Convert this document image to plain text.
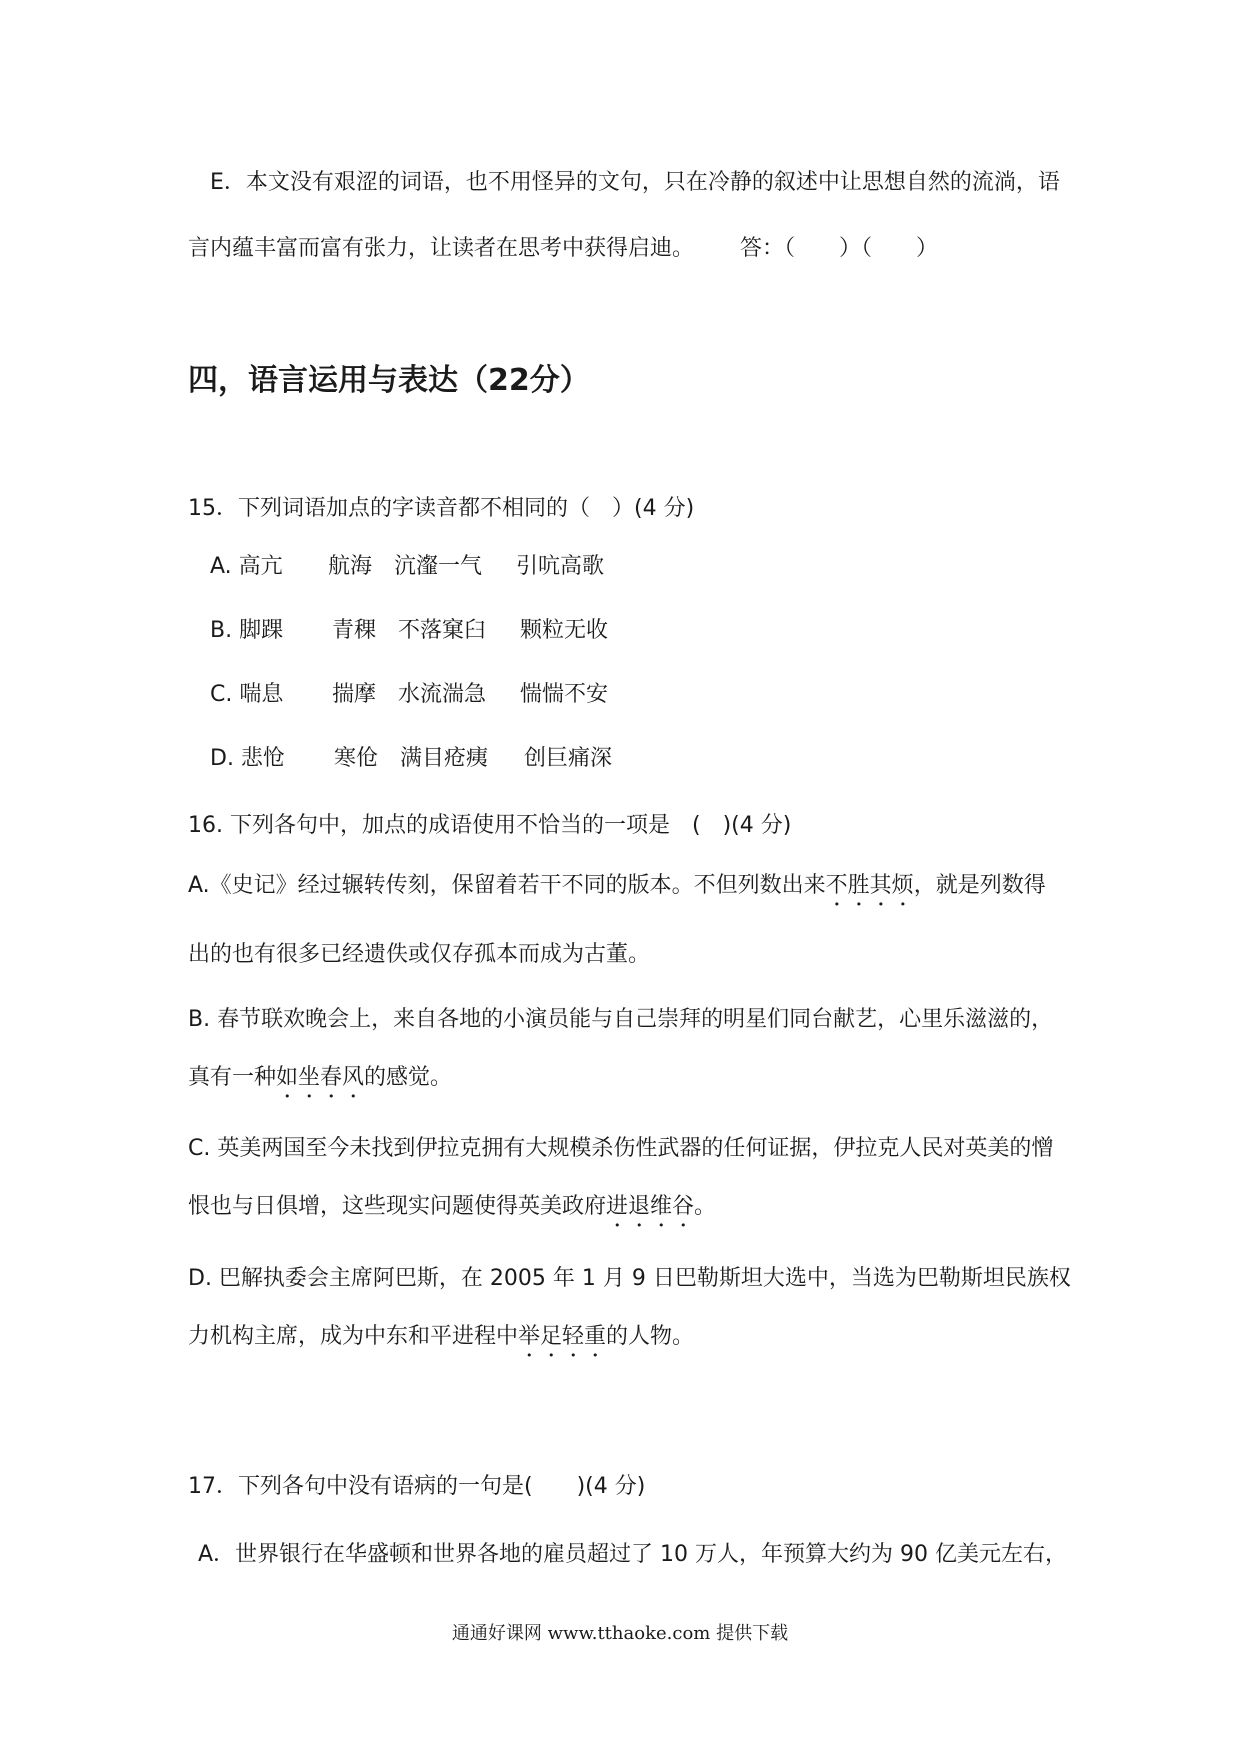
E．本文没有艰涩的词语，也不用怪异的文句，只在冷静的叙述中让思想自然的流淌，语
言内蕴丰富而富有张力，让读者在思考中获得启迪。 答：（　　）（　　）
四，语言运用与表达（22分）
15．下列词语加点的字读音都不相同的（　）(4 分)
A. 高亢 航海 沆瀣一气 引吭高歌
B. 脚踝 青稞 不落窠臼 颗粒无收
C. 喘息 揣摩 水流湍急 惴惴不安
D. 悲怆 寒伧 满目疮痍 创巨痛深
16. 下列各句中，加点的成语使用不恰当的一项是　(　)(4 分)
A.《史记》经过辗转传刻，保留着若干不同的版本。不但列数出来不胜其烦，就是列数得
出的也有很多已经遗佚或仅存孤本而成为古董。
B. 春节联欢晚会上，来自各地的小演员能与自己崇拜的明星们同台献艺，心里乐滋滋的，
真有一种如坐春风的感觉。
C. 英美两国至今未找到伊拉克拥有大规模杀伤性武器的任何证据，伊拉克人民对英美的憎
恨也与日俱增，这些现实问题使得英美政府进退维谷。
D. 巴解执委会主席阿巴斯，在 2005 年 1 月 9 日巴勒斯坦大选中，当选为巴勒斯坦民族权
力机构主席，成为中东和平进程中举足轻重的人物。
17．下列各句中没有语病的一句是(　　)(4 分)
A．世界银行在华盛顿和世界各地的雇员超过了 10 万人，年预算大约为 90 亿美元左右，
通通好课网 www.tthaoke.com 提供下载
